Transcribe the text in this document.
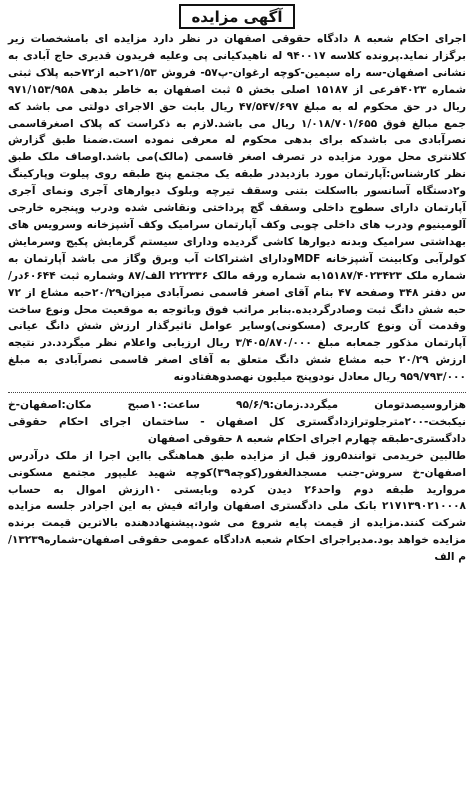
آگهی مزایده

اجرای احکام شعبه ۸ دادگاه حقوقی اصفهان در نظر دارد مزایده ای بامشخصات زیر برگزار نماید.پرونده کلاسه ۹۴۰۰۱۷ له ناهیدکیانی پی وعلیه فریدون قدیری حاج آبادی به نشانی اصفهان-سه راه سیمین-کوچه ارغوان-پ۵۷- فروش ۲۱/۵۳حبه از۷۲حبه پلاک ثبتی شماره ۴۰۲۳فرعی از ۱۵۱۸۷ اصلی بخش ۵ ثبت اصفهان به خاطر بدهی ۹۷۱/۱۵۳/۹۵۸ ریال در حق محکوم له به مبلغ ۴۷/۵۴۷/۶۹۷ ریال بابت حق الاجرای دولتی می باشد که جمع مبالغ فوق ۱/۰۱۸/۷۰۱/۶۵۵ ریال می باشد.لازم به ذکراست که پلاک اصغرقاسمی نصرآبادی می باشدکه برای بدهی محکوم له معرفی نموده است.ضمنا طبق گزارش کلانتری محل مورد مزایده در تصرف اصغر قاسمی (مالک)می باشد.اوصاف ملک طبق نظر کارشناس:آپارتمان مورد بازدیددر طبقه یک مجتمع پنج طبقه روی پیلوت وپارکینگ و۲دستگاه آسانسور بااسکلت بتنی وسقف تیرچه وبلوک دیوارهای آجری ونمای آجری آپارتمان دارای سطوح داخلی وسقف گچ پرداختی ونقاشی شده ودرب وپنجره خارجی آلومینیوم ودرب های داخلی چوبی وکف آپارتمان سرامیک وکف آشپزخانه وسرویس های بهداشتی سرامیک وبدنه دیوارها کاشی گردیده ودارای سیستم گرمایش پکیج وسرمایش کولرآبی وکابینت آشپزخانه MDFودارای اشتراکات آب وبرق وگاز می باشد آپارتمان به شماره ملک ۱۵۱۸۷/۴۰۲۳۴۲۳به شماره ورقه مالک ۲۲۲۳۳۶ الف/۸۷ وشماره ثبت ۶۰۶۴۴در/س دفتر ۳۴۸ وصفحه ۴۷ بنام آقای اصغر قاسمی نصرآبادی میزان۲۰/۲۹حبه مشاع از ۷۲ حبه شش دانگ ثبت وصادرگردیده.بنابر مراتب فوق وباتوجه به موقعیت محل ونوع ساخت وقدمت آن ونوع کاربری (مسکونی)وسایر عوامل تاثیرگذار ارزش شش دانگ عیانی آپارتمان مذکور جمعابه مبلغ ۳/۴۰۵/۸۷۰/۰۰۰ ریال ارزیابی واعلام نظر میگردد.در نتیجه ارزش ۲۰/۲۹ حبه مشاع شش دانگ متعلق به آقای اصغر قاسمی نصرآبادی به مبلغ ۹۵۹/۷۹۳/۰۰۰ ریال معادل نودوپنج میلیون نهصدوهفتادونه

هزاروسیصدتومان میگردد.زمان:۹۵/۶/۹ ساعت:۱۰صبح مکان:اصفهان-خ نیکبخت-۲۰۰مترجلوترازدادگستری کل اصفهان - ساختمان اجرای احکام حقوقی دادگستری-طبقه چهارم اجرای احکام شعبه ۸ حقوقی اصفهان

طالبین خریدمی توانند۵روز قبل از مزایده طبق هماهنگی بااین اجرا از ملک درآدرس اصفهان-خ سروش-جنب مسجدالغفور(کوچه۳۹)کوچه شهید علیپور مجتمع مسکونی مروارید طبقه دوم واحد۲۶ دیدن کرده وبایستی ۱۰ارزش اموال به حساب ۲۱۷۱۳۹۰۲۱۰۰۰۸ بانک ملی دادگستری اصفهان وارائه فیش به این اجرادر جلسه مزایده شرکت کنند.مزایده از قیمت پایه شروع می شود.پیشنهاددهنده بالاترین قیمت برنده مزایده خواهد بود.مدیراجرای احکام شعبه ۸دادگاه عمومی حقوقی اصفهان-شماره۱۳۲۳۹/م الف
